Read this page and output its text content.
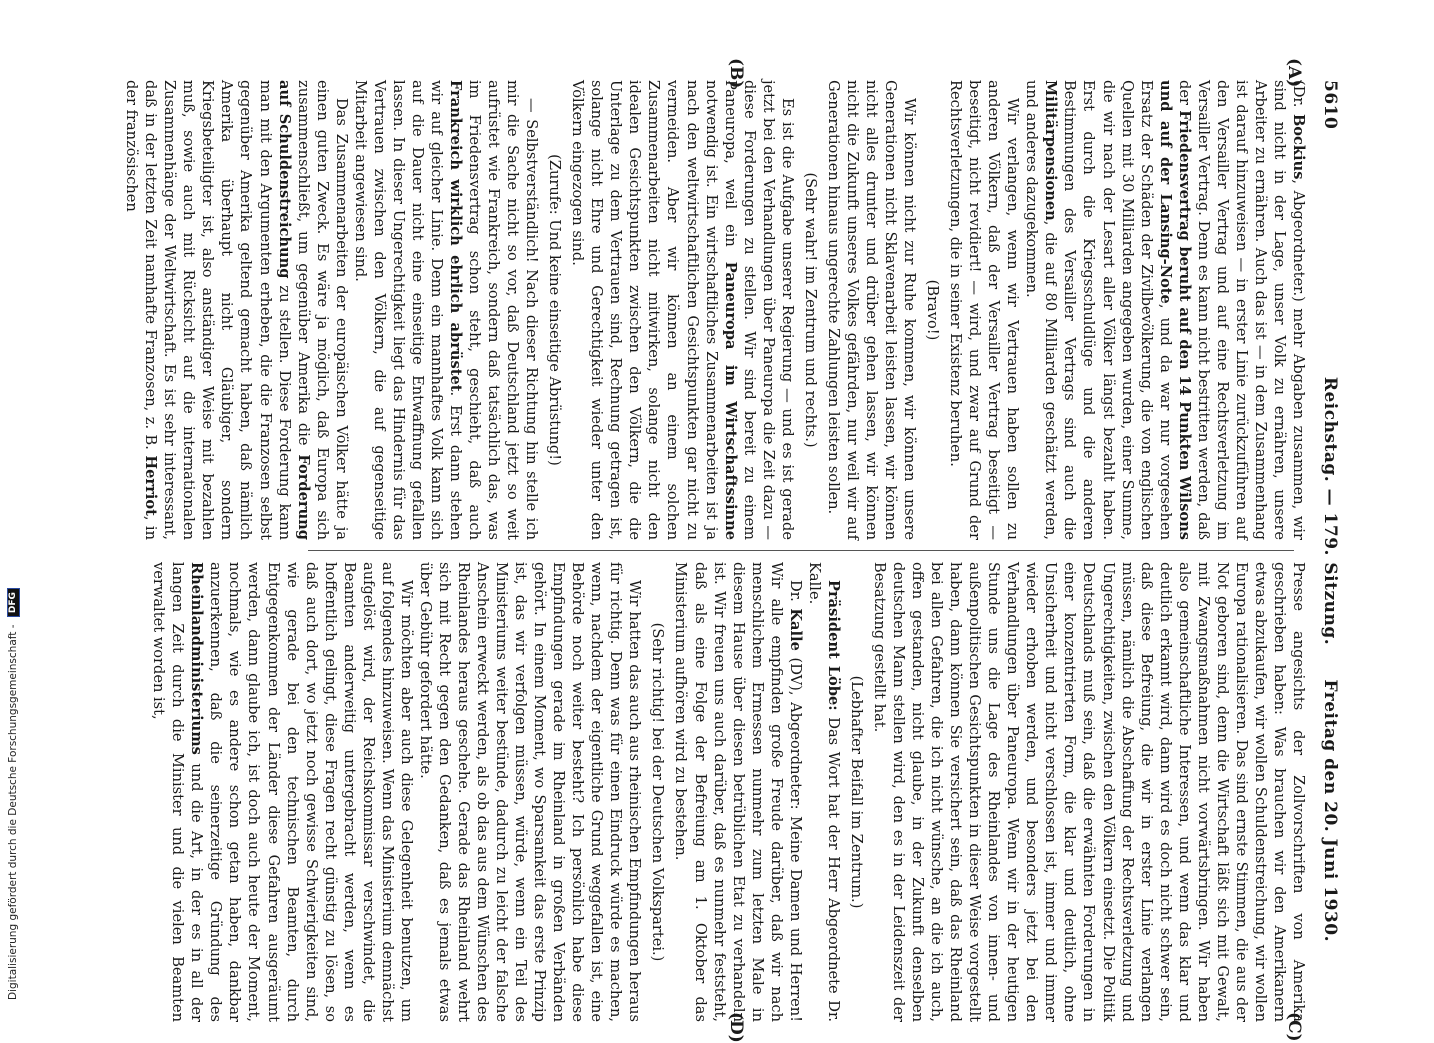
Digitalisierung gefördert durch die Deutsche Forschungsgemeinschaft - DFG
5610
Reichstag. — 179. Sitzung.
Freitag den 20. Juni 1930.
(A)
(B)
(C)
(D)

(Dr. Bockius, Abgeordneter.) mehr Abgaben zusammen, wir sind nicht in der Lage, unser Volk zu ernähren, unsere Arbeiter zu ernähren. Auch das ist — in dem Zusammenhang ist darauf hinzuweisen — in erster Linie zurückzuführen auf den Versailler Vertrag und auf eine Rechtsverletzung im Versailler Vertrag. Denn es kann nicht bestritten werden, daß der Friedensvertrag beruht auf den 14 Punkten Wilsons und auf der Lansing-Note, und da war nur vorgesehen Ersatz der Schäden der Zivilbevölkerung, die von englischen Quellen mit 30 Milliarden angegeben wurden, einer Summe, die wir nach der Lesart aller Völker längst bezahlt haben. Erst durch die Kriegsschuldlüge und die anderen Bestimmungen des Versailler Vertrags sind auch die Militärpensionen, die auf 80 Milliarden geschätzt werden, und anderes dazugekommen.

Wir verlangen, wenn wir Vertrauen haben sollen zu anderen Völkern, daß der Versailler Vertrag beseitigt — beseitigt, nicht revidiert! — wird, und zwar auf Grund der Rechtsverletzungen, die in seiner Existenz beruhen.

(Bravo!)

Wir können nicht zur Ruhe kommen, wir können unsere Generationen nicht Sklavenarbeit leisten lassen, wir können nicht alles drunter und drüber gehen lassen, wir können nicht die Zukunft unseres Volkes gefährden, nur weil wir auf Generationen hinaus ungerechte Zahlungen leisten sollen.

(Sehr wahr! im Zentrum und rechts.)

Es ist die Aufgabe unserer Regierung — und es ist gerade jetzt bei den Verhandlungen über Paneuropa die Zeit dazu — diese Forderungen zu stellen. Wir sind bereit zu einem Paneuropa, weil ein Paneuropa im Wirtschaftssinne notwendig ist. Ein wirtschaftliches Zusammenarbeiten ist ja nach den weltwirtschaftlichen Gesichtspunkten gar nicht zu vermeiden. Aber wir können an einem solchen Zusammenarbeiten nicht mitwirken, solange nicht den idealen Gesichtspunkten zwischen den Völkern, die die Unterlage zu dem Vertrauen sind, Rechnung getragen ist, solange nicht Ehre und Gerechtigkeit wieder unter den Völkern eingezogen sind.

(Zurufe: Und keine einseitige Abrüstung!)

— Selbstverständlich! Nach dieser Richtung hin stelle ich mir die Sache nicht so vor, daß Deutschland jetzt so weit aufrüstet wie Frankreich, sondern daß tatsächlich das, was im Friedensvertrag schon steht, geschieht, daß auch Frankreich wirklich ehrlich abrüstet. Erst dann stehen wir auf gleicher Linie. Denn ein mannhaftes Volk kann sich auf die Dauer nicht eine einseitige Entwaffnung gefallen lassen. In dieser Ungerechtigkeit liegt das Hindernis für das Vertrauen zwischen den Völkern, die auf gegenseitige Mitarbeit angewiesen sind.

Das Zusammenarbeiten der europäischen Völker hätte ja einen guten Zweck. Es wäre ja möglich, daß Europa sich zusammenschließt, um gegenüber Amerika die Forderung auf Schuldenstreichung zu stellen. Diese Forderung kann man mit den Argumenten erheben, die die Franzosen selbst gegenüber Amerika geltend gemacht haben, daß nämlich Amerika überhaupt nicht Gläubiger, sondern Kriegsbeteiligter ist, also anständiger Weise mit bezahlen muß, sowie auch mit Rücksicht auf die internationalen Zusammenhänge der Weltwirtschaft. Es ist sehr interessant, daß in der letzten Zeit namhafte Franzosen, z. B. Herriot, in der französischen

Presse angesichts der Zollvorschriften von Amerika geschrieben haben: Was brauchen wir den Amerikanern etwas abzukaufen, wir wollen Schuldenstreichung, wir wollen Europa rationalisieren. Das sind ernste Stimmen, die aus der Not geboren sind, denn die Wirtschaft läßt sich mit Gewalt, mit Zwangsmaßnahmen nicht vorwärtsbringen. Wir haben also gemeinschaftliche Interessen, und wenn das klar und deutlich erkannt wird, dann wird es doch nicht schwer sein, daß diese Befreiung, die wir in erster Linie verlangen müssen, nämlich die Abschaffung der Rechtsverletzung und Ungerechtigkeiten, zwischen den Völkern einsetzt. Die Politik Deutschlands muß sein, daß die erwähnten Forderungen in einer konzentrierten Form, die klar und deutlich, ohne Unsicherheit und nicht verschlossen ist, immer und immer wieder erhoben werden, und besonders jetzt bei den Verhandlungen über Paneuropa. Wenn wir in der heutigen Stunde uns die Lage des Rheinlandes von innen- und außenpolitischen Gesichtspunkten in dieser Weise vorgestellt haben, dann können Sie versichert sein, daß das Rheinland bei allen Gefahren, die ich nicht wünsche, an die ich auch, offen gestanden, nicht glaube, in der Zukunft denselben deutschen Mann stellen wird, den es in der Leidenszeit der Besatzung gestellt hat.

(Lebhafter Beifall im Zentrum.)

Präsident Löbe: Das Wort hat der Herr Abgeordnete Dr. Kalle.

Dr. Kalle (DV), Abgeordneter: Meine Damen und Herren! Wir alle empfinden große Freude darüber, daß wir nach menschlichem Ermessen nunmehr zum letzten Male in diesem Hause über diesen betrüblichen Etat zu verhandeln ist. Wir freuen uns auch darüber, daß es nunmehr feststeht, daß als eine Folge der Befreiung am 1. Oktober das Ministerium aufhören wird zu bestehen.

(Sehr richtig! bei der Deutschen Volkspartei.)

Wir hatten das auch aus rheinischen Empfindungen heraus für richtig. Denn was für einen Eindruck würde es machen, wenn, nachdem der eigentliche Grund weggefallen ist, eine Behörde noch weiter besteht? Ich persönlich habe diese Empfindungen gerade im Rheinland in großen Verbänden gehört. In einem Moment, wo Sparsamkeit das erste Prinzip ist, das wir verfolgen müssen, würde, wenn ein Teil des Ministeriums weiter bestünde, dadurch zu leicht der falsche Anschein erweckt werden, als ob das aus dem Wünschen des Rheinlandes heraus geschehe. Gerade das Rheinland wehrt sich mit Recht gegen den Gedanken, daß es jemals etwas über Gebühr gefordert hätte.

Wir möchten aber auch diese Gelegenheit benutzen, um auf folgendes hinzuweisen. Wenn das Ministerium demnächst aufgelöst wird, der Reichskommissar verschwindet, die Beamten anderweitig untergebracht werden, wenn es hoffentlich gelingt, diese Fragen recht günstig zu lösen, so daß auch dort, wo jetzt noch gewisse Schwierigkeiten sind, wie gerade bei den technischen Beamten, durch Entgegenkommen der Länder diese Gefahren ausgeräumt werden, dann glaube ich, ist doch auch heute der Moment, nochmals, wie es andere schon getan haben, dankbar anzuerkennen, daß die seinerzeitige Gründung des Rheinlandministeriums und die Art, in der es in all der langen Zeit durch die Minister und die vielen Beamten verwaltet worden ist,
